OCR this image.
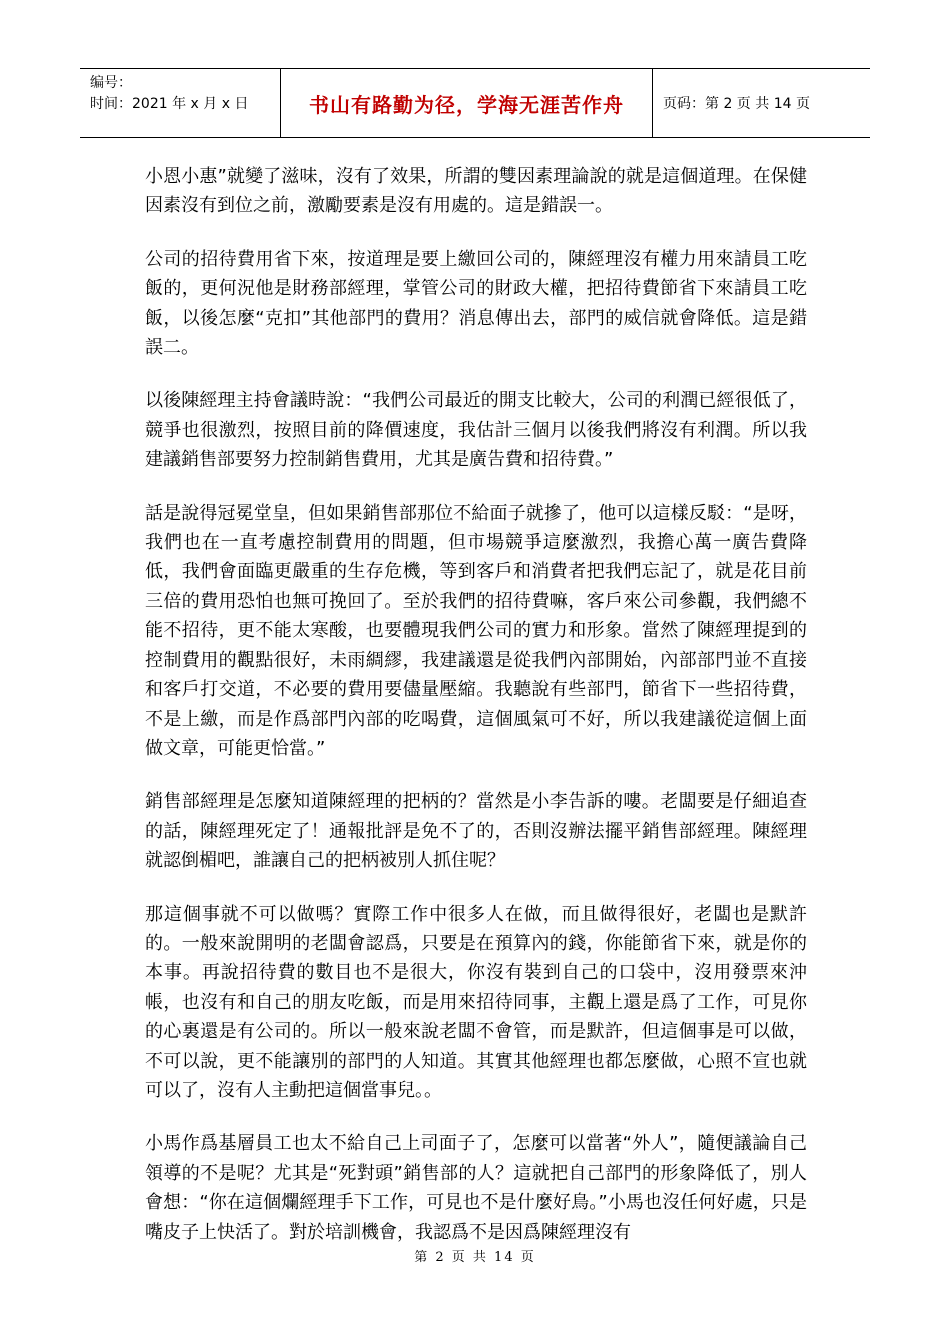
编号：
时间：2021 年 x 月 x 日	书山有路勤为径，学海无涯苦作舟	页码：第 2 页 共 14 页

小恩小惠”就變了滋味，沒有了效果，所謂的雙因素理論說的就是這個道理。在保健因素沒有到位之前，激勵要素是沒有用處的。這是錯誤一。

公司的招待費用省下來，按道理是要上繳回公司的，陳經理沒有權力用來請員工吃飯的，更何況他是財務部經理，掌管公司的財政大權，把招待費節省下來請員工吃飯，以後怎麼“克扣”其他部門的費用？消息傳出去，部門的威信就會降低。這是錯誤二。

以後陳經理主持會議時說：“我們公司最近的開支比較大，公司的利潤已經很低了，競爭也很激烈，按照目前的降價速度，我估計三個月以後我們將沒有利潤。所以我建議銷售部要努力控制銷售費用，尤其是廣告費和招待費。”

話是說得冠冕堂皇，但如果銷售部那位不給面子就摻了，他可以這樣反駁：“是呀，我們也在一直考慮控制費用的問題，但市場競爭這麼激烈，我擔心萬一廣告費降低，我們會面臨更嚴重的生存危機，等到客戶和消費者把我們忘記了，就是花目前三倍的費用恐怕也無可挽回了。至於我們的招待費嘛，客戶來公司參觀，我們總不能不招待，更不能太寒酸，也要體現我們公司的實力和形象。當然了陳經理提到的控制費用的觀點很好，未雨綢繆，我建議還是從我們內部開始，內部部門並不直接和客戶打交道，不必要的費用要儘量壓縮。我聽說有些部門，節省下一些招待費，不是上繳，而是作爲部門內部的吃喝費，這個風氣可不好，所以我建議從這個上面做文章，可能更恰當。”

銷售部經理是怎麼知道陳經理的把柄的？當然是小李告訴的嘍。老闆要是仔細追查的話，陳經理死定了！通報批評是免不了的，否則沒辦法擺平銷售部經理。陳經理就認倒楣吧，誰讓自己的把柄被別人抓住呢？

那這個事就不可以做嗎？實際工作中很多人在做，而且做得很好，老闆也是默許的。一般來說開明的老闆會認爲，只要是在預算內的錢，你能節省下來，就是你的本事。再說招待費的數目也不是很大，你沒有裝到自己的口袋中，沒用發票來沖帳，也沒有和自己的朋友吃飯，而是用來招待同事，主觀上還是爲了工作，可見你的心裏還是有公司的。所以一般來說老闆不會管，而是默許，但這個事是可以做，不可以說，更不能讓別的部門的人知道。其實其他經理也都怎麼做，心照不宣也就可以了，沒有人主動把這個當事兒。。

小馬作爲基層員工也太不給自己上司面子了，怎麼可以當著“外人”，隨便議論自己領導的不是呢？尤其是“死對頭”銷售部的人？這就把自己部門的形象降低了，別人會想：“你在這個爛經理手下工作，可見也不是什麼好鳥。”小馬也沒任何好處，只是嘴皮子上快活了。對於培訓機會，我認爲不是因爲陳經理沒有

第 2 页 共 14 页
